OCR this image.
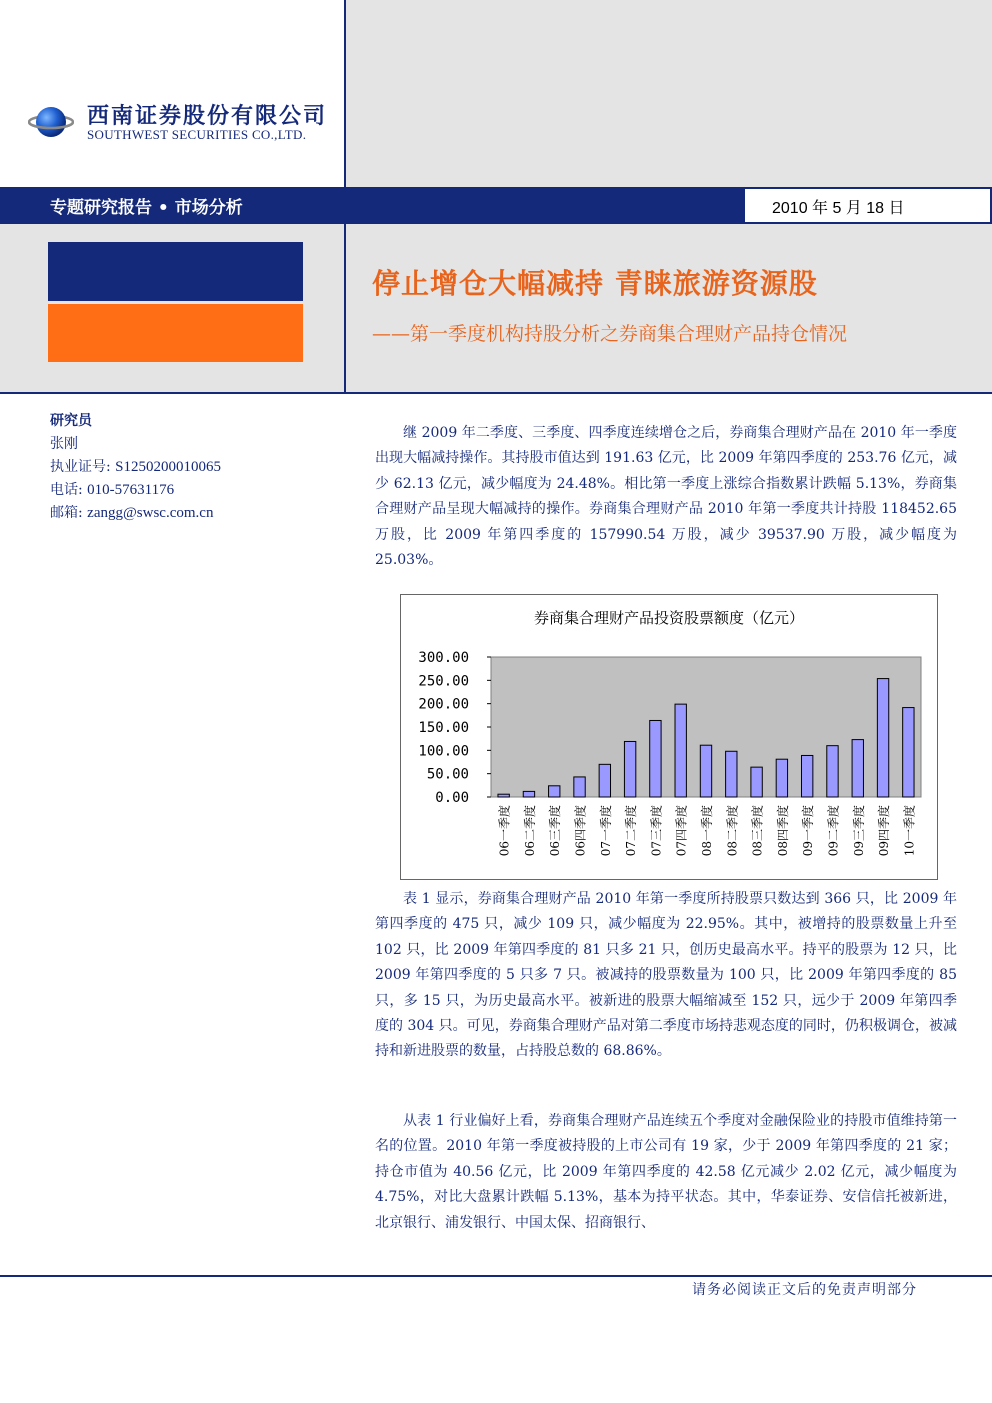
西南证券股份有限公司
SOUTHWEST SECURITIES CO.,LTD.
专题研究报告 • 市场分析	2010 年 5 月 18 日
停止增仓大幅减持 青睐旅游资源股
——第一季度机构持股分析之券商集合理财产品持仓情况
研究员
张刚
执业证号: S1250200010065
电话: 010-57631176
邮箱: zangg@swsc.com.cn

继 2009 年二季度、三季度、四季度连续增仓之后，券商集合理财产品在 2010 年一季度出现大幅减持操作。其持股市值达到 191.63 亿元，比 2009 年第四季度的 253.76 亿元，减少 62.13 亿元，减少幅度为 24.48%。相比第一季度上涨综合指数累计跌幅 5.13%，券商集合理财产品呈现大幅减持的操作。券商集合理财产品 2010 年第一季度共计持股 118452.65 万股，比 2009 年第四季度的 157990.54 万股，减少 39537.90 万股，减少幅度为 25.03%。

券商集合理财产品投资股票额度（亿元）
300.00
250.00
200.00
150.00
100.00
50.00
0.00
06一季度 06二季度 06三季度 06四季度 07一季度 07二季度 07三季度 07四季度 08一季度 08二季度 08三季度 08四季度 09一季度 09二季度 09三季度 09四季度 10一季度

表 1 显示，券商集合理财产品 2010 年第一季度所持股票只数达到 366 只，比 2009 年第四季度的 475 只，减少 109 只，减少幅度为 22.95%。其中，被增持的股票数量上升至 102 只，比 2009 年第四季度的 81 只多 21 只，创历史最高水平。持平的股票为 12 只，比 2009 年第四季度的 5 只多 7 只。被减持的股票数量为 100 只，比 2009 年第四季度的 85 只，多 15 只，为历史最高水平。被新进的股票大幅缩减至 152 只，远少于 2009 年第四季度的 304 只。可见，券商集合理财产品对第二季度市场持悲观态度的同时，仍积极调仓，被减持和新进股票的数量，占持股总数的 68.86%。

从表 1 行业偏好上看，券商集合理财产品连续五个季度对金融保险业的持股市值维持第一名的位置。2010 年第一季度被持股的上市公司有 19 家，少于 2009 年第四季度的 21 家；持仓市值为 40.56 亿元，比 2009 年第四季度的 42.58 亿元减少 2.02 亿元，减少幅度为 4.75%，对比大盘累计跌幅 5.13%，基本为持平状态。其中，华泰证券、安信信托被新进，北京银行、浦发银行、中国太保、招商银行、

请务必阅读正文后的免责声明部分
